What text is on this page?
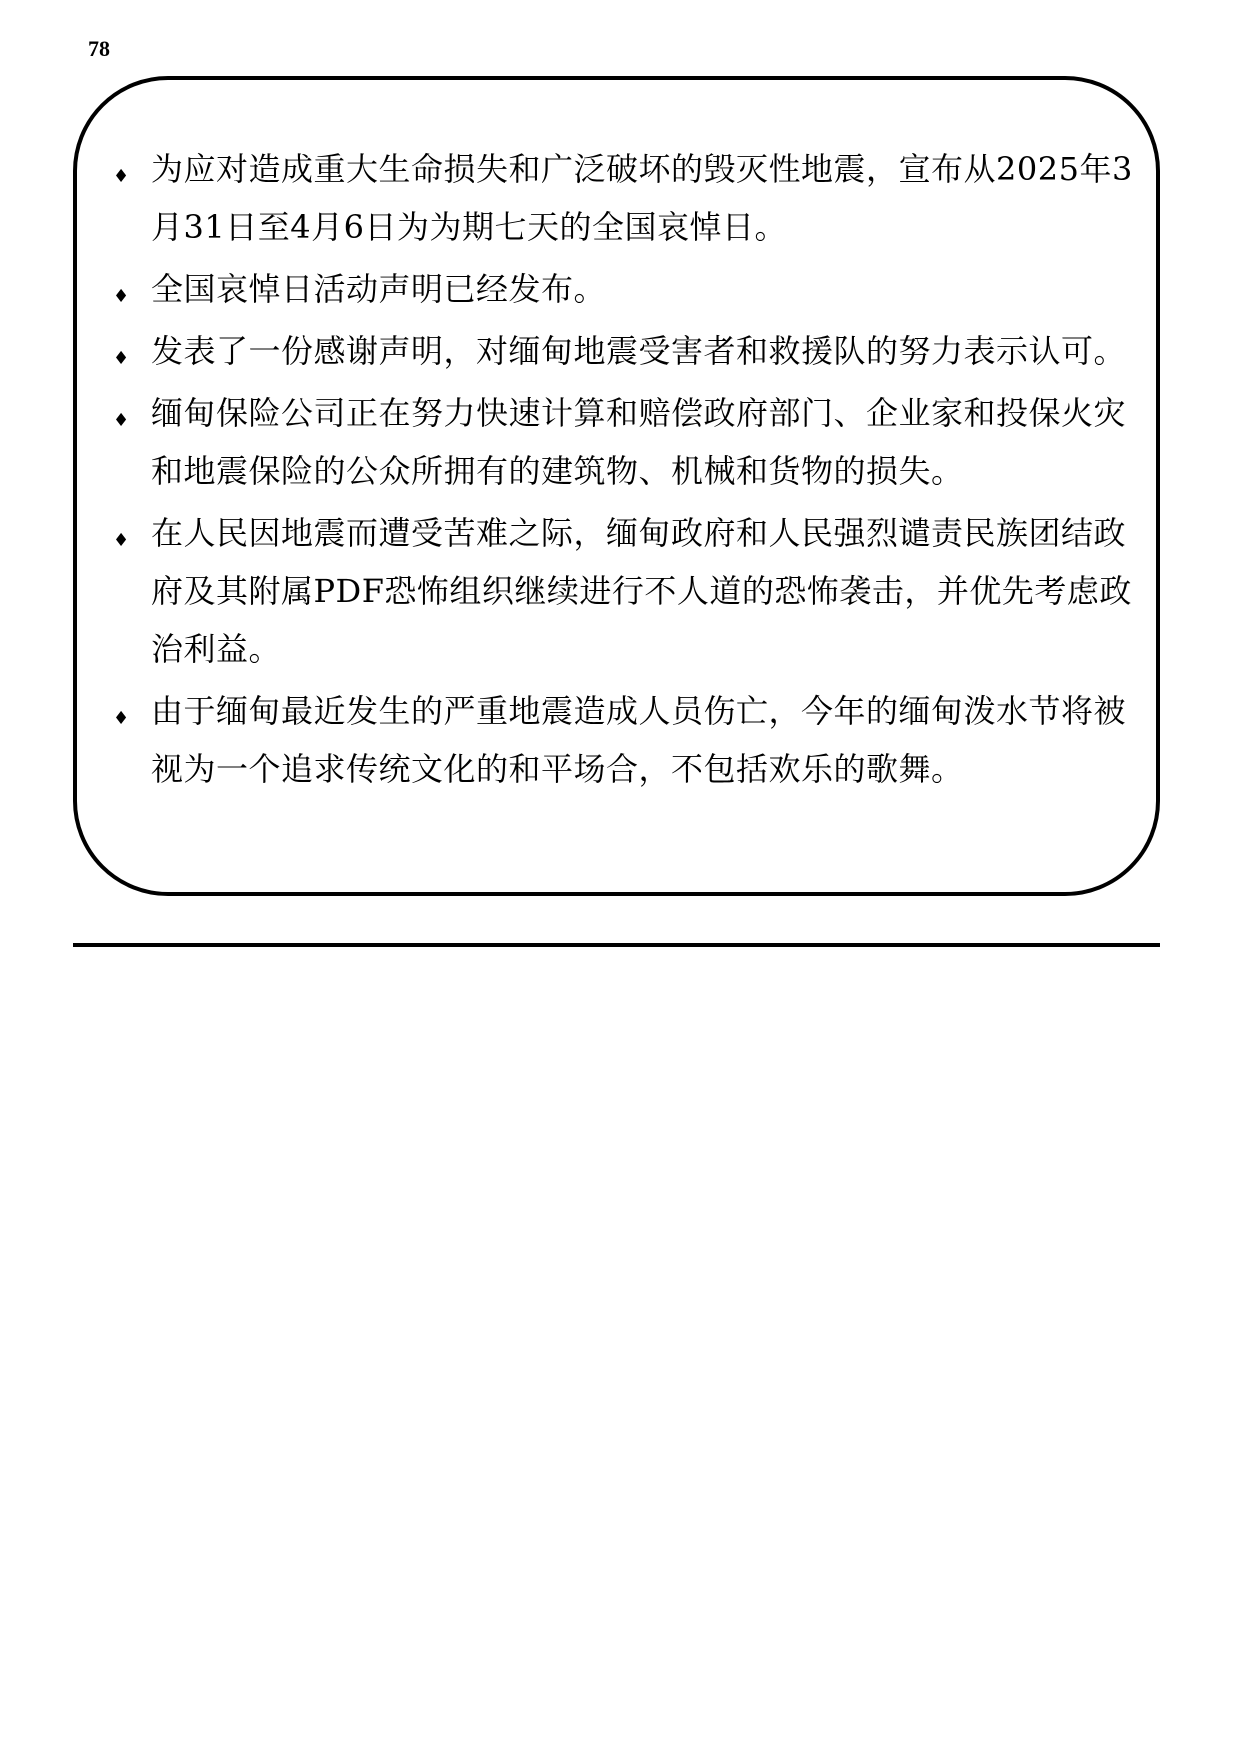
78
♦ 为应对造成重大生命损失和广泛破坏的毁灭性地震，宣布从2025年3月31日至4月6日为为期七天的全国哀悼日。
♦ 全国哀悼日活动声明已经发布。
♦ 发表了一份感谢声明，对缅甸地震受害者和救援队的努力表示认可。
♦ 缅甸保险公司正在努力快速计算和赔偿政府部门、企业家和投保火灾和地震保险的公众所拥有的建筑物、机械和货物的损失。
♦ 在人民因地震而遭受苦难之际，缅甸政府和人民强烈谴责民族团结政府及其附属PDF恐怖组织继续进行不人道的恐怖袭击，并优先考虑政治利益。
♦ 由于缅甸最近发生的严重地震造成人员伤亡，今年的缅甸泼水节将被视为一个追求传统文化的和平场合，不包括欢乐的歌舞。
